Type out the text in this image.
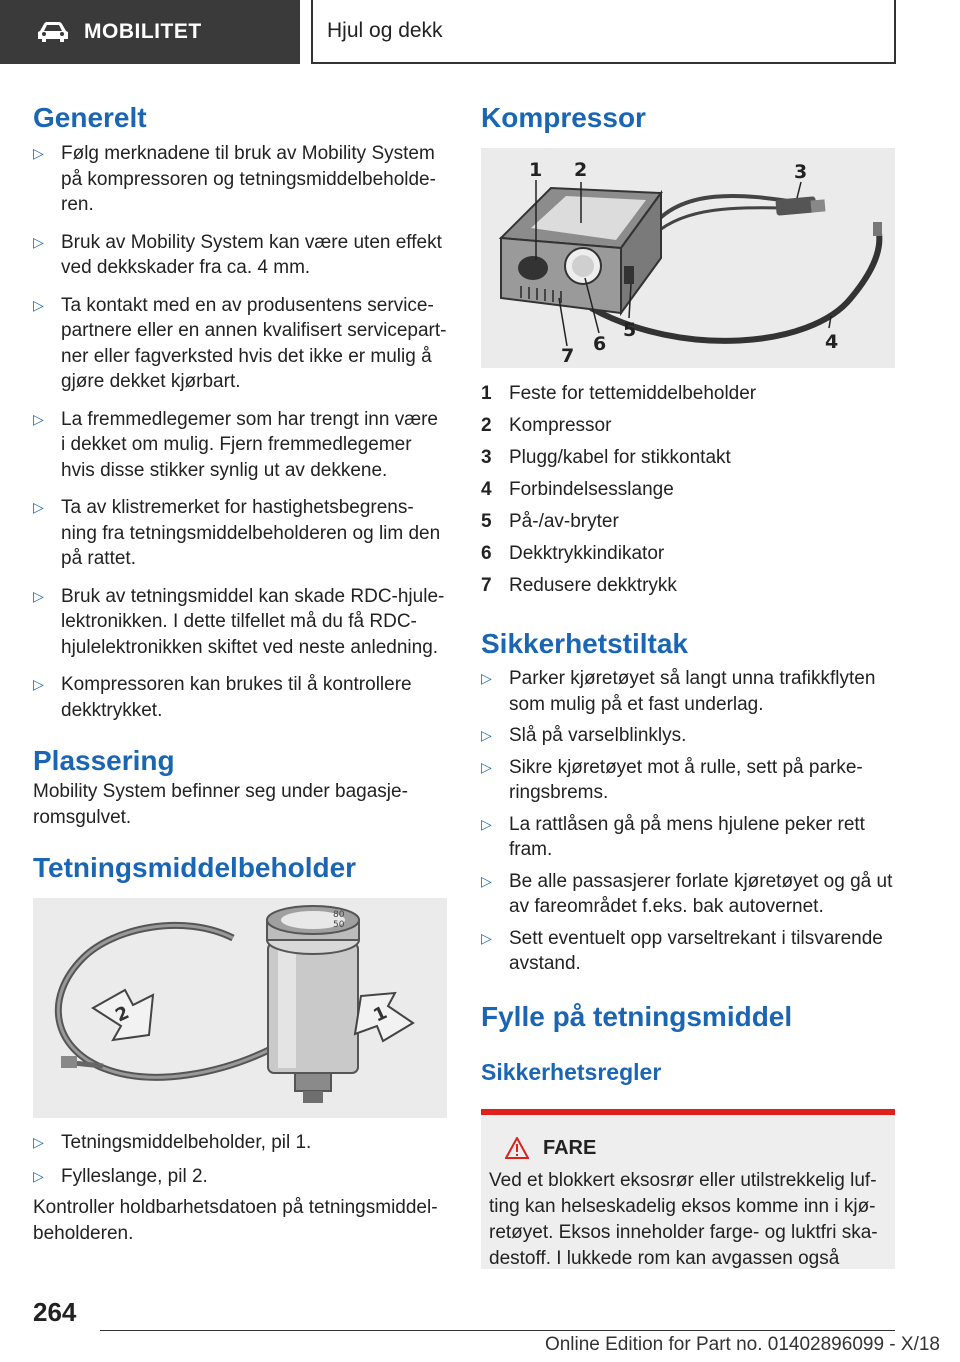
MOBILITET	Hjul og dekk
Generelt
▷ Følg merknadene til bruk av Mobility System på kompressoren og tetningsmiddelbeholde‐ren.
▷ Bruk av Mobility System kan være uten effekt ved dekkskader fra ca. 4 mm.
▷ Ta kontakt med en av produsentens service‐partnere eller en annen kvalifisert servicepart‐ner eller fagverksted hvis det ikke er mulig å gjøre dekket kjørbart.
▷ La fremmedlegemer som har trengt inn være i dekket om mulig. Fjern fremmedlegemer hvis disse stikker synlig ut av dekkene.
▷ Ta av klistremerket for hastighetsbegrens‐ning fra tetningsmiddelbeholderen og lim den på rattet.
▷ Bruk av tetningsmiddel kan skade RDC-hjule‐lektronikken. I dette tilfellet må du få RDC-hjulelektronikken skiftet ved neste anledning.
▷ Kompressoren kan brukes til å kontrollere dekktrykket.
Plassering

Mobility System befinner seg under bagasje‐romsgulvet.

Tetningsmiddelbeholder
80
50
2	1
▷ Tetningsmiddelbeholder, pil 1.
▷ Fylleslange, pil 2.

Kontroller holdbarhetsdatoen på tetningsmiddel‐beholderen.

Kompressor
1 2	3
4
5
6
7
1 Feste for tettemiddelbeholder
2 Kompressor
3 Plugg/kabel for stikkontakt
4 Forbindelsesslange
5 På-/av-bryter
6 Dekktrykkindikator
7 Redusere dekktrykk
Sikkerhetstiltak
▷ Parker kjøretøyet så langt unna trafikkflyten som mulig på et fast underlag.
▷ Slå på varselblinklys.
▷ Sikre kjøretøyet mot å rulle, sett på parke‐ringsbrems.
▷ La rattlåsen gå på mens hjulene peker rett fram.
▷ Be alle passasjerer forlate kjøretøyet og gå ut av fareområdet f.eks. bak autovernet.
▷ Sett eventuelt opp varseltrekant i tilsvarende avstand.
Fylle på tetningsmiddel
Sikkerhetsregler
FARE

Ved et blokkert eksosrør eller utilstrekkelig luf‐ting kan helseskadelig eksos komme inn i kjø‐retøyet. Eksos inneholder farge- og luktfri ska‐destoff. I lukkede rom kan avgassen også

264
Online Edition for Part no. 01402896099 - X/18
